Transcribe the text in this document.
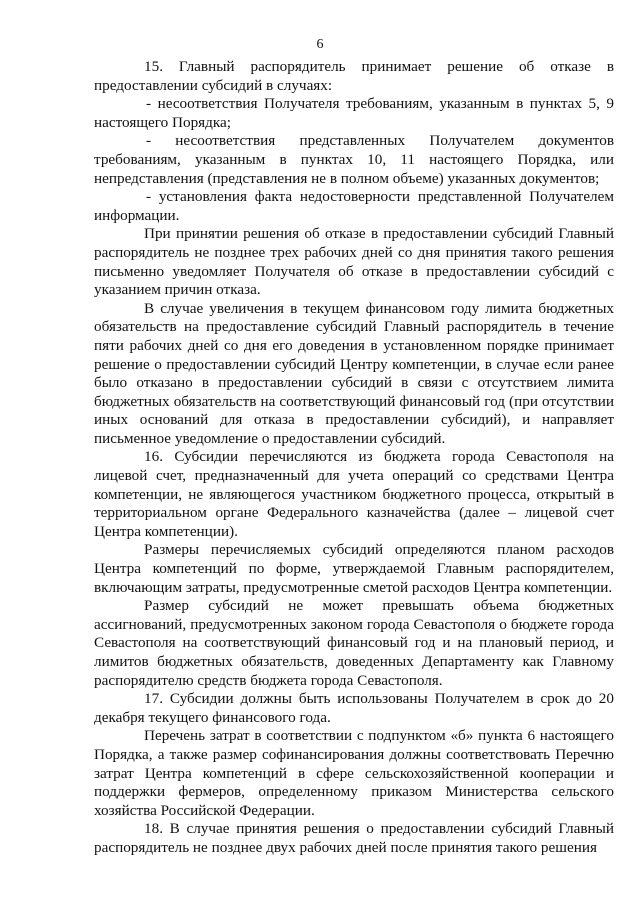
6

15. Главный распорядитель принимает решение об отказе в предоставлении субсидий в случаях:

- несоответствия Получателя требованиям, указанным в пунктах 5, 9 настоящего Порядка;

- несоответствия представленных Получателем документов требованиям, указанным в пунктах 10, 11 настоящего Порядка, или непредставления (представления не в полном объеме) указанных документов;

- установления факта недостоверности представленной Получателем информации.

При принятии решения об отказе в предоставлении субсидий Главный распорядитель не позднее трех рабочих дней со дня принятия такого решения письменно уведомляет Получателя об отказе в предоставлении субсидий с указанием причин отказа.

В случае увеличения в текущем финансовом году лимита бюджетных обязательств на предоставление субсидий Главный распорядитель в течение пяти рабочих дней со дня его доведения в установленном порядке принимает решение о предоставлении субсидий Центру компетенции, в случае если ранее было отказано в предоставлении субсидий в связи с отсутствием лимита бюджетных обязательств на соответствующий финансовый год (при отсутствии иных оснований для отказа в предоставлении субсидий), и направляет письменное уведомление о предоставлении субсидий.

16. Субсидии перечисляются из бюджета города Севастополя на лицевой счет, предназначенный для учета операций со средствами Центра компетенции, не являющегося участником бюджетного процесса, открытый в территориальном органе Федерального казначейства (далее – лицевой счет Центра компетенции).

Размеры перечисляемых субсидий определяются планом расходов Центра компетенций по форме, утверждаемой Главным распорядителем, включающим затраты, предусмотренные сметой расходов Центра компетенции.

Размер субсидий не может превышать объема бюджетных ассигнований, предусмотренных законом города Севастополя о бюджете города Севастополя на соответствующий финансовый год и на плановый период, и лимитов бюджетных обязательств, доведенных Департаменту как Главному распорядителю средств бюджета города Севастополя.

17. Субсидии должны быть использованы Получателем в срок до 20 декабря текущего финансового года.

Перечень затрат в соответствии с подпунктом «б» пункта 6 настоящего Порядка, а также размер софинансирования должны соответствовать Перечню затрат Центра компетенций в сфере сельскохозяйственной кооперации и поддержки фермеров, определенному приказом Министерства сельского хозяйства Российской Федерации.

18. В случае принятия решения о предоставлении субсидий Главный распорядитель не позднее двух рабочих дней после принятия такого решения
